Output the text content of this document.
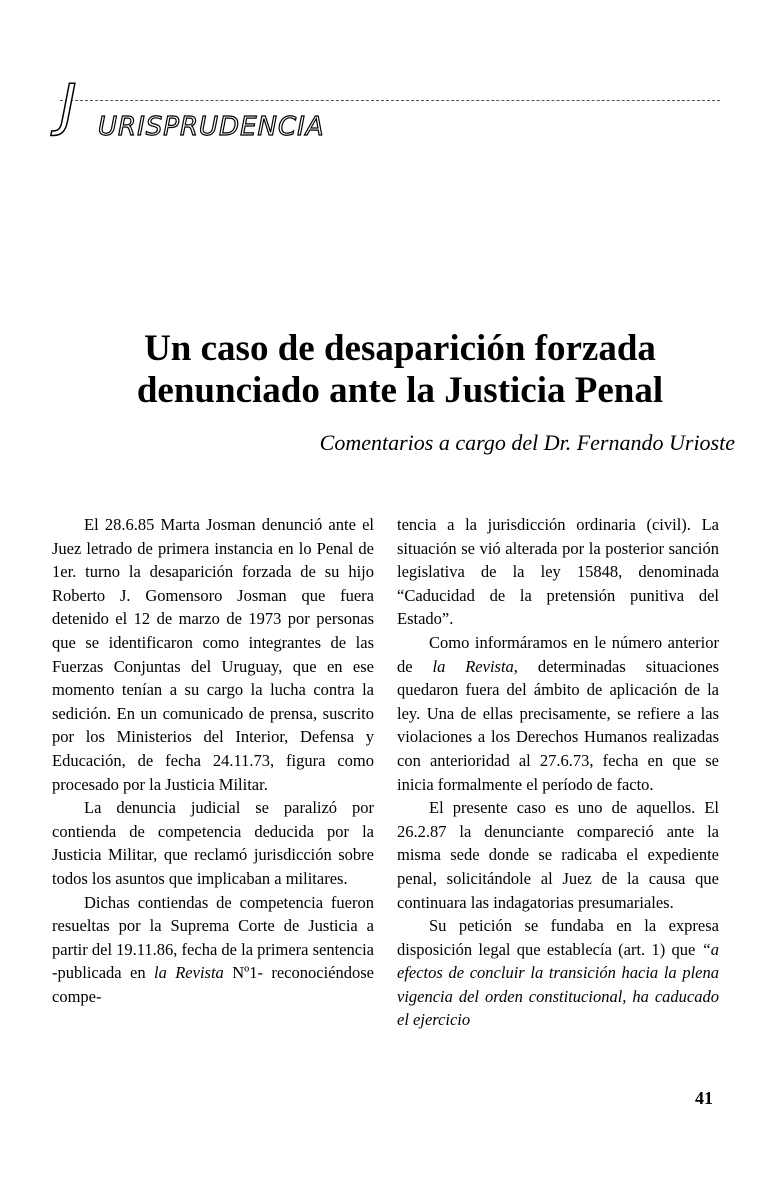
J URISPRUDENCIA
Un caso de desaparición forzada
denunciado ante la Justicia Penal
Comentarios a cargo del Dr. Fernando Urioste

El 28.6.85 Marta Josman denunció ante el Juez letrado de primera instancia en lo Penal de 1er. turno la desaparición forzada de su hijo Roberto J. Gomensoro Josman que fuera detenido el 12 de marzo de 1973 por personas que se identificaron como integrantes de las Fuerzas Conjuntas del Uruguay, que en ese momento tenían a su cargo la lucha contra la sedición. En un comunicado de prensa, suscrito por los Ministerios del Interior, Defensa y Educación, de fecha 24.11.73, figura como procesado por la Justicia Militar.

La denuncia judicial se paralizó por contienda de competencia deducida por la Justicia Militar, que reclamó jurisdicción sobre todos los asuntos que implicaban a militares.

Dichas contiendas de competencia fueron resueltas por la Suprema Corte de Justicia a partir del 19.11.86, fecha de la primera sentencia -publicada en la Revista Nº1- reconociéndose compe-

tencia a la jurisdicción ordinaria (civil). La situación se vió alterada por la posterior sanción legislativa de la ley 15848, denominada “Caducidad de la pretensión punitiva del Estado”.

Como informáramos en le número anterior de la Revista, determinadas situaciones quedaron fuera del ámbito de aplicación de la ley. Una de ellas precisamente, se refiere a las violaciones a los Derechos Humanos realizadas con anterioridad al 27.6.73, fecha en que se inicia formalmente el período de facto.

El presente caso es uno de aquellos. El 26.2.87 la denunciante compareció ante la misma sede donde se radicaba el expediente penal, solicitándole al Juez de la causa que continuara las indagatorias presumariales.

Su petición se fundaba en la expresa disposición legal que establecía (art. 1) que “a efectos de concluir la transición hacia la plena vigencia del orden constitucional, ha caducado el ejercicio

41
